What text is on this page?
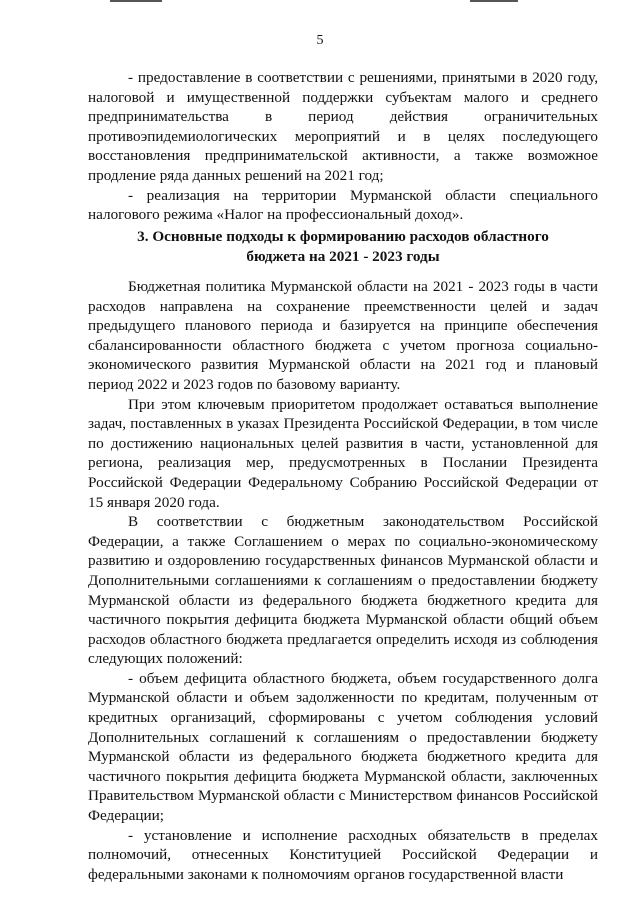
5

- предоставление в соответствии с решениями, принятыми в 2020 году, налоговой и имущественной поддержки субъектам малого и среднего предпринимательства в период действия ограничительных противоэпидемиологических мероприятий и в целях последующего восстановления предпринимательской активности, а также возможное продление ряда данных решений на 2021 год;

- реализация на территории Мурманской области специального налогового режима «Налог на профессиональный доход».

3. Основные подходы к формированию расходов областного
бюджета на 2021 - 2023 годы

Бюджетная политика Мурманской области на 2021 - 2023 годы в части расходов направлена на сохранение преемственности целей и задач предыдущего планового периода и базируется на принципе обеспечения сбалансированности областного бюджета с учетом прогноза социально-экономического развития Мурманской области на 2021 год и плановый период 2022 и 2023 годов по базовому варианту.

При этом ключевым приоритетом продолжает оставаться выполнение задач, поставленных в указах Президента Российской Федерации, в том числе по достижению национальных целей развития в части, установленной для региона, реализация мер, предусмотренных в Послании Президента Российской Федерации Федеральному Собранию Российской Федерации от 15 января 2020 года.

В соответствии с бюджетным законодательством Российской Федерации, а также Соглашением о мерах по социально-экономическому развитию и оздоровлению государственных финансов Мурманской области и Дополнительными соглашениями к соглашениям о предоставлении бюджету Мурманской области из федерального бюджета бюджетного кредита для частичного покрытия дефицита бюджета Мурманской области общий объем расходов областного бюджета предлагается определить исходя из соблюдения следующих положений:

- объем дефицита областного бюджета, объем государственного долга Мурманской области и объем задолженности по кредитам, полученным от кредитных организаций, сформированы с учетом соблюдения условий Дополнительных соглашений к соглашениям о предоставлении бюджету Мурманской области из федерального бюджета бюджетного кредита для частичного покрытия дефицита бюджета Мурманской области, заключенных Правительством Мурманской области с Министерством финансов Российской Федерации;

- установление и исполнение расходных обязательств в пределах полномочий, отнесенных Конституцией Российской Федерации и федеральными законами к полномочиям органов государственной власти
